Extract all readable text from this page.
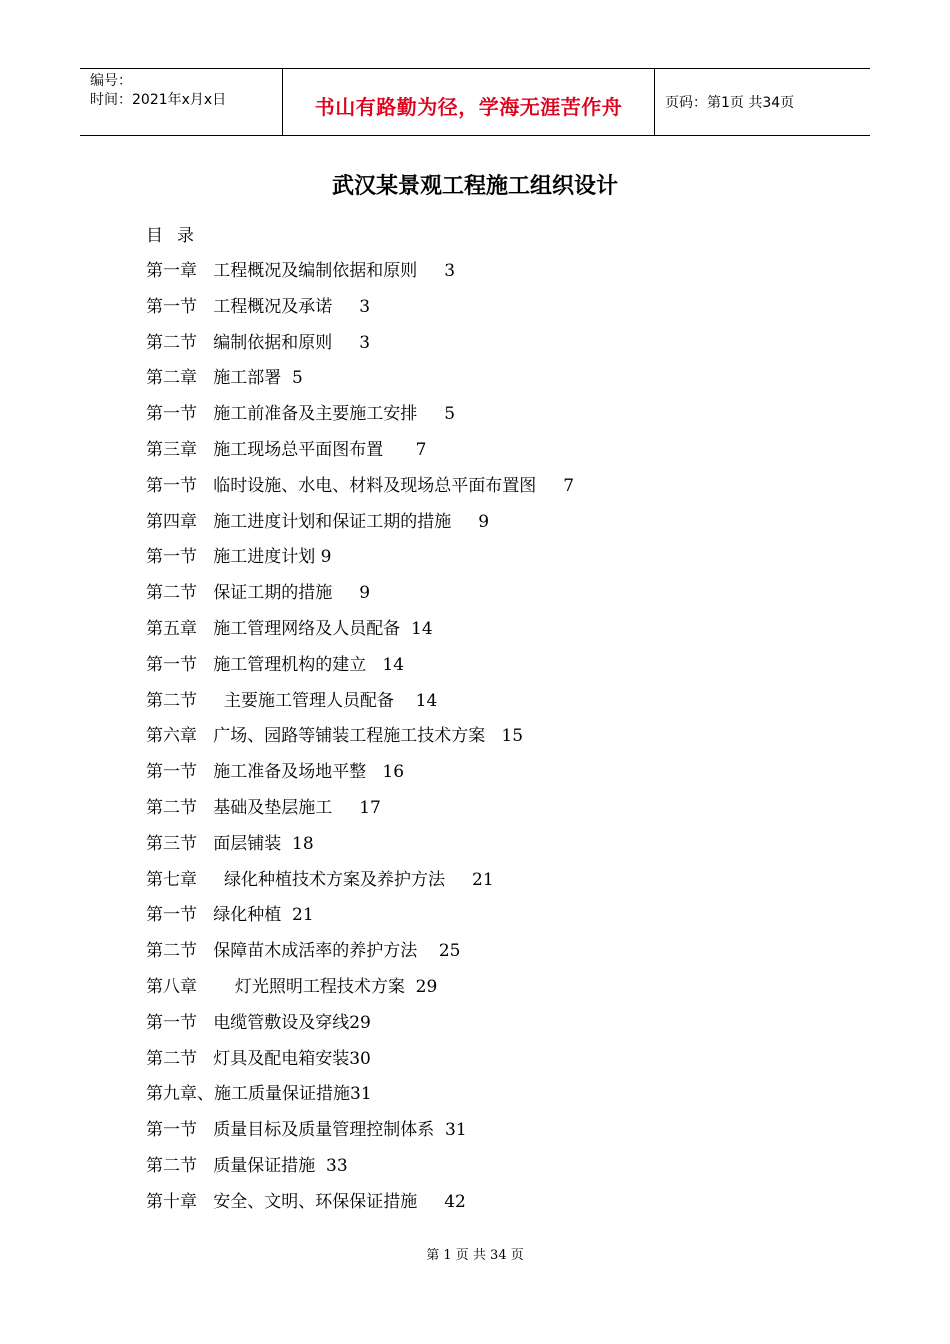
编号：
时间：2021年x月x日	书山有路勤为径，学海无涯苦作舟	页码：第1页 共34页
武汉某景观工程施工组织设计
目录
第一章   工程概况及编制依据和原则     3
第一节   工程概况及承诺     3
第二节   编制依据和原则     3
第二章   施工部署  5
第一节   施工前准备及主要施工安排     5
第三章   施工现场总平面图布置      7
第一节   临时设施、水电、材料及现场总平面布置图     7
第四章   施工进度计划和保证工期的措施     9
第一节   施工进度计划 9
第二节   保证工期的措施     9
第五章   施工管理网络及人员配备  14
第一节   施工管理机构的建立   14
第二节     主要施工管理人员配备    14
第六章   广场、园路等铺装工程施工技术方案   15
第一节   施工准备及场地平整   16
第二节   基础及垫层施工     17
第三节   面层铺装  18
第七章     绿化种植技术方案及养护方法     21
第一节   绿化种植  21
第二节   保障苗木成活率的养护方法    25
第八章       灯光照明工程技术方案  29
第一节   电缆管敷设及穿线29
第二节   灯具及配电箱安装30
第九章、施工质量保证措施31
第一节   质量目标及质量管理控制体系  31
第二节   质量保证措施  33
第十章   安全、文明、环保保证措施     42
第 1 页 共 34 页
